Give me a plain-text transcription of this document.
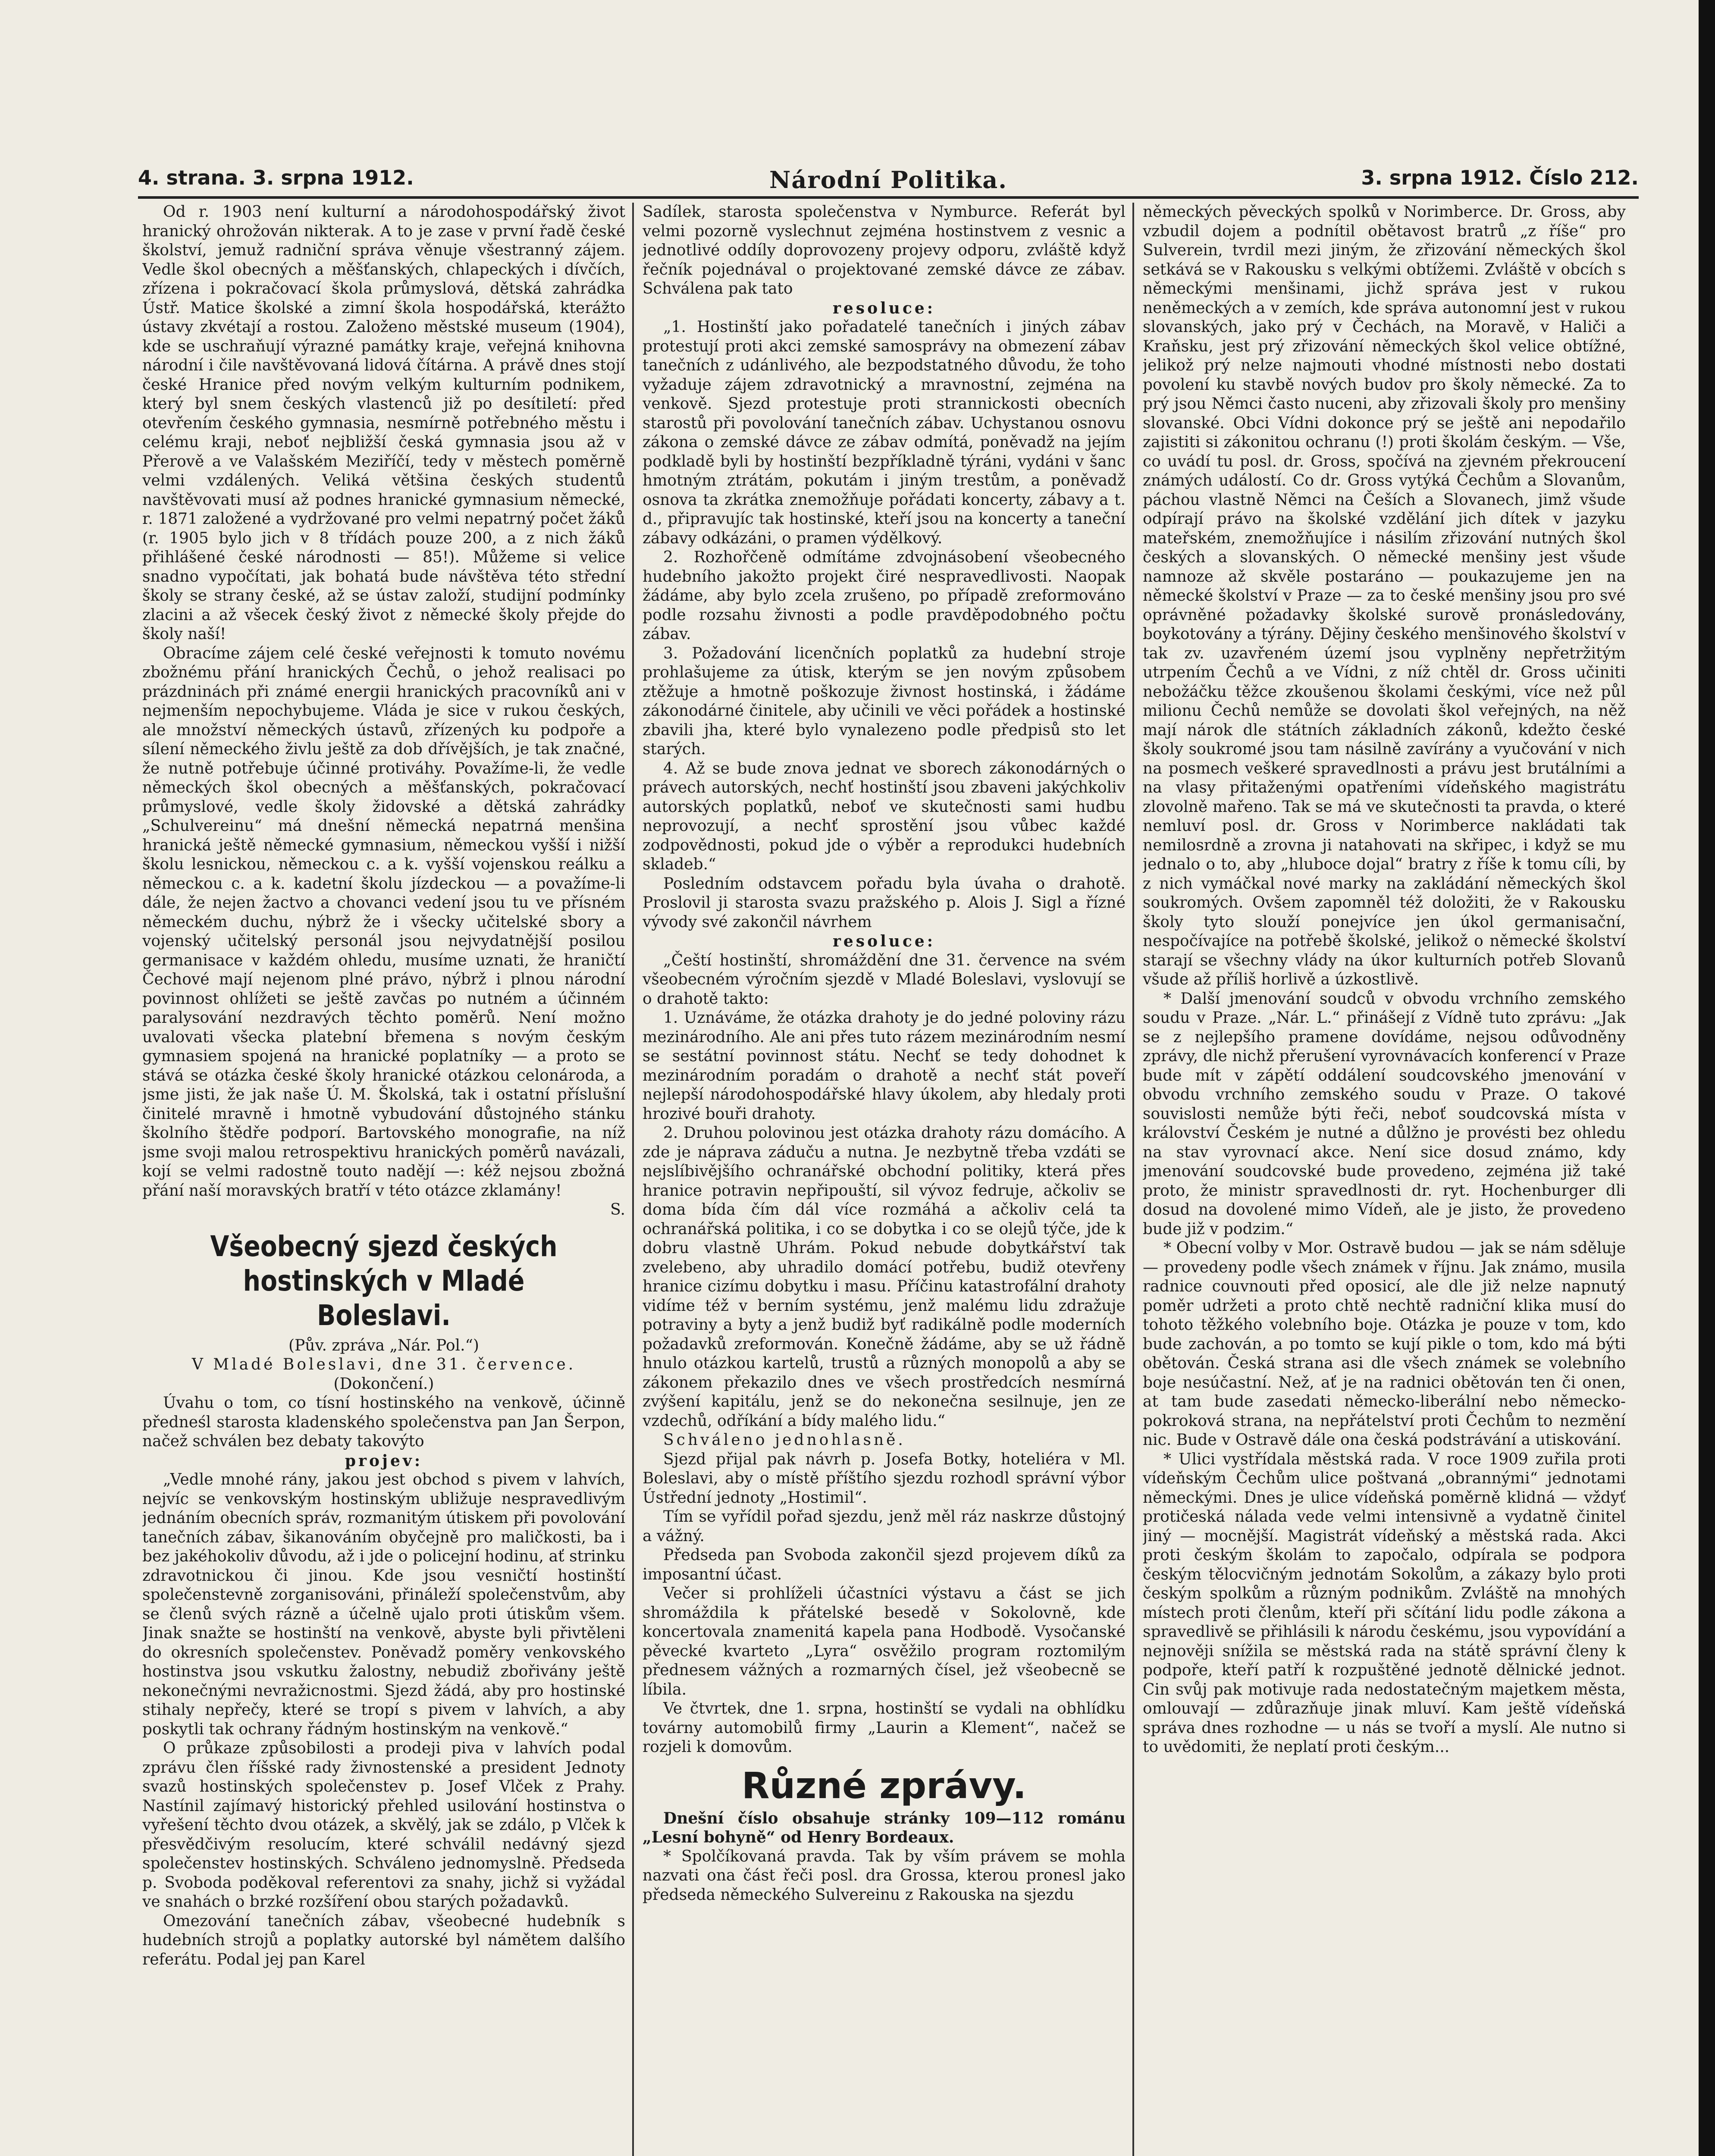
4. strana. 3. srpna 1912.	Národní Politika.	3. srpna 1912. Číslo 212.

Od r. 1903 není kulturní a národohospodářský život hranický ohrožován nikterak. A to je zase v první řadě české školství, jemuž radniční správa věnuje všestranný zájem. Vedle škol obecných a měšťanských, chlapeckých i dívčích, zřízena i pokračovací škola průmyslová, dětská zahrádka Ústř. Matice školské a zimní škola hospodářská, kterážto ústavy zkvétají a rostou. Založeno městské museum (1904), kde se uschraňují výrazné památky kraje, veřejná knihovna národní i čile navštěvovaná lidová čítárna. A právě dnes stojí české Hranice před novým velkým kulturním podnikem, který byl snem českých vlastenců již po desítiletí: před otevřením českého gymnasia, nesmírně potřebného městu i celému kraji, neboť nejbližší česká gymnasia jsou až v Přerově a ve Valašském Meziříčí, tedy v městech poměrně velmi vzdálených. Veliká většina českých studentů navštěvovati musí až podnes hranické gymnasium německé, r. 1871 založené a vydržované pro velmi nepatrný počet žáků (r. 1905 bylo jich v 8 třídách pouze 200, a z nich žáků přihlášené české národnosti — 85!). Můžeme si velice snadno vypočítati, jak bohatá bude návštěva této střední školy se strany české, až se ústav založí, studijní podmínky zlacini a až všecek český život z německé školy přejde do školy naší!

Obracíme zájem celé české veřejnosti k tomuto novému zbožnému přání hranických Čechů, o jehož realisaci po prázdninách při známé energii hranických pracovníků ani v nejmenším nepochybujeme. Vláda je sice v rukou českých, ale množství německých ústavů, zřízených ku podpoře a sílení německého živlu ještě za dob dřívějších, je tak značné, že nutně potřebuje účinné protiváhy. Považíme-li, že vedle německých škol obecných a měšťanských, pokračovací průmyslové, vedle školy židovské a dětská zahrádky „Schulvereinu“ má dnešní německá nepatrná menšina hranická ještě německé gymnasium, německou vyšší i nižší školu lesnickou, německou c. a k. vyšší vojenskou reálku a německou c. a k. kadetní školu jízdeckou — a považíme-li dále, že nejen žactvo a chovanci vedení jsou tu ve přísném německém duchu, nýbrž že i všecky učitelské sbory a vojenský učitelský personál jsou nejvydatnější posilou germanisace v každém ohledu, musíme uznati, že hraničtí Čechové mají nejenom plné právo, nýbrž i plnou národní povinnost ohlížeti se ještě zavčas po nutném a účinném paralysování nezdravých těchto poměrů. Není možno uvalovati všecka platební břemena s novým českým gymnasiem spojená na hranické poplatníky — a proto se stává se otázka české školy hranické otázkou celonároda, a jsme jisti, že jak naše Ú. M. Školská, tak i ostatní příslušní činitelé mravně i hmotně vybudování důstojného stánku školního štědře podporí. Bartovského monografie, na níž jsme svoji malou retrospektivu hranických poměrů navázali, kojí se velmi radostně touto nadějí —: kéž nejsou zbožná přání naší moravských bratří v této otázce zklamány!

S.

Všeobecný sjezd českých hostinských v Mladé Boleslavi.

(Pův. zpráva „Nár. Pol.“)

V Mladé Boleslavi, dne 31. července.

(Dokončení.)

Úvahu o tom, co tísní hostinského na venkově, účinně předneśl starosta kladenského společenstva pan Jan Šerpon, načež schválen bez debaty takovýto

projev:

„Vedle mnohé rány, jakou jest obchod s pivem v lahvích, nejvíc se venkovským hostinským ubližuje nespravedlivým jednáním obecních správ, rozmanitým útiskem při povolování tanečních zábav, šikanováním obyčejně pro maličkosti, ba i bez jakéhokoliv důvodu, až i jde o policejní hodinu, ať strinku zdravotnickou či jinou. Kde jsou vesničtí hostinští společenstevně zorganisováni, přináleží společenstvům, aby se členů svých rázně a účelně ujalo proti útiskům všem. Jinak snažte se hostinští na venkově, abyste byli přivtěleni do okresních společenstev. Poněvadž poměry venkovského hostinstva jsou vskutku žalostny, nebudiž zbořivány ještě nekonečnými nevražicnostmi. Sjezd žádá, aby pro hostinské stihaly nepřečy, které se tropí s pivem v lahvích, a aby poskytli tak ochrany řádným hostinským na venkově.“

O průkaze způsobilosti a prodeji piva v lahvích podal zprávu člen říšské rady živnostenské a president Jednoty svazů hostinských společenstev p. Josef Vlček z Prahy. Nastínil zajímavý historický přehled usilování hostinstva o vyřešení těchto dvou otázek, a skvělý, jak se zdálo, p Vlček k přesvědčivým resolucím, které schválil nedávný sjezd společenstev hostinských. Schváleno jednomyslně. Předseda p. Svoboda poděkoval referentovi za snahy, jichž si vyžádal ve snahách o brzké rozšíření obou starých požadavků.

Omezování tanečních zábav, všeobecné hudebník s hudebních strojů a poplatky autorské byl námětem dalšího referátu. Podal jej pan Karel

Sadílek, starosta společenstva v Nymburce. Referát byl velmi pozorně vyslechnut zejména hostinstvem z vesnic a jednotlivé oddíly doprovozeny projevy odporu, zvláště když řečník pojednával o projektované zemské dávce ze zábav. Schválena pak tato

resoluce:

„1. Hostinští jako pořadatelé tanečních i jiných zábav protestují proti akci zemské samosprávy na obmezení zábav tanečních z udánlivého, ale bezpodstatného důvodu, že toho vyžaduje zájem zdravotnický a mravnostní, zejména na venkově. Sjezd protestuje proti strannickosti obecních starostů při povolování tanečních zábav. Uchystanou osnovu zákona o zemské dávce ze zábav odmítá, poněvadž na jejím podkladě byli by hostinští bezpříkladně týráni, vydáni v šanc hmotným ztrátám, pokutám i jiným trestům, a poněvadž osnova ta zkrátka znemožňuje pořádati koncerty, zábavy a t. d., připravujíc tak hostinské, kteří jsou na koncerty a taneční zábavy odkázáni, o pramen výdělkový.

2. Rozhořčeně odmítáme zdvojnásobení všeobecného hudebního jakožto projekt čiré nespravedlivosti. Naopak žádáme, aby bylo zcela zrušeno, po případě zreformováno podle rozsahu živnosti a podle pravděpodobného počtu zábav.

3. Požadování licenčních poplatků za hudební stroje prohlašujeme za útisk, kterým se jen novým způsobem ztěžuje a hmotně poškozuje živnost hostinská, i žádáme zákonodárné činitele, aby učinili ve věci pořádek a hostinské zbavili jha, které bylo vynalezeno podle předpisů sto let starých.

4. Až se bude znova jednat ve sborech zákonodárných o právech autorských, nechť hostinští jsou zbaveni jakýchkoliv autorských poplatků, neboť ve skutečnosti sami hudbu neprovozují, a nechť sprostění jsou vůbec každé zodpovědnosti, pokud jde o výběr a reprodukci hudebních skladeb.“

Posledním odstavcem pořadu byla úvaha o drahotě. Proslovil ji starosta svazu pražského p. Alois J. Sigl a řízné vývody své zakončil návrhem

resoluce:

„Čeští hostinští, shromáždění dne 31. července na svém všeobecném výročním sjezdě v Mladé Boleslavi, vyslovují se o drahotě takto:

1. Uznáváme, že otázka drahoty je do jedné poloviny rázu mezinárodního. Ale ani přes tuto rázem mezinárodním nesmí se sestátní povinnost státu. Nechť se tedy dohodnet k mezinárodním poradám o drahotě a nechť stát poveří nejlepší národohospodářské hlavy úkolem, aby hledaly proti hrozivé bouři drahoty.

2. Druhou polovinou jest otázka drahoty rázu domácího. A zde je náprava záduču a nutna. Je nezbytně třeba vzdáti se nejslíbivějšího ochranářské obchodní politiky, která přes hranice potravin nepřipouští, sil vývoz fedruje, ačkoliv se doma bída čím dál více rozmáhá a ačkoliv celá ta ochranářská politika, i co se dobytka i co se olejů týče, jde k dobru vlastně Uhrám. Pokud nebude dobytkářství tak zvelebeno, aby uhradilo domácí potřebu, budiž otevřeny hranice cizímu dobytku i masu. Příčinu katastrofální drahoty vidíme též v berním systému, jenž malému lidu zdražuje potraviny a byty a jenž budiž byť radikálně podle moderních požadavků zreformován. Konečně žádáme, aby se už řádně hnulo otázkou kartelů, trustů a různých monopolů a aby se zákonem překazilo dnes ve všech prostředcích nesmírná zvýšení kapitálu, jenž se do nekonečna sesilnuje, jen ze vzdechů, odříkání a bídy malého lidu.“

Schváleno jednohlasně.

Sjezd přijal pak návrh p. Josefa Botky, hoteliéra v Ml. Boleslavi, aby o místě příštího sjezdu rozhodl správní výbor Ústřední jednoty „Hostimil“.

Tím se vyřídil pořad sjezdu, jenž měl ráz naskrze důstojný a vážný.

Předseda pan Svoboda zakončil sjezd projevem díků za imposantní účast.

Večer si prohlíželi účastníci výstavu a část se jich shromáždila k přátelské besedě v Sokolovně, kde koncertovala znamenitá kapela pana Hodbodě. Vysočanské pěvecké kvarteto „Lyra“ osvěžilo program roztomilým přednesem vážných a rozmarných čísel, jež všeobecně se líbila.

Ve čtvrtek, dne 1. srpna, hostinští se vydali na obhlídku továrny automobilů firmy „Laurin a Klement“, načež se rozjeli k domovům.

Různé zprávy.

Dnešní číslo obsahuje stránky 109—112 románu „Lesní bohyně“ od Henry Bordeaux.

* Spolčíkovaná pravda. Tak by vším právem se mohla nazvati ona část řeči posl. dra Grossa, kterou pronesl jako předseda německého Sulvereinu z Rakouska na sjezdu

německých pěveckých spolků v Norimberce. Dr. Gross, aby vzbudil dojem a podnítil obětavost bratrů „z říše“ pro Sulverein, tvrdil mezi jiným, že zřizování německých škol setkává se v Rakousku s velkými obtížemi. Zvláště v obcích s německými menšinami, jichž správa jest v rukou neněmeckých a v zemích, kde správa autonomní jest v rukou slovanských, jako prý v Čechách, na Moravě, v Haliči a Kraňsku, jest prý zřizování německých škol velice obtížné, jelikož prý nelze najmouti vhodné místnosti nebo dostati povolení ku stavbě nových budov pro školy německé. Za to prý jsou Němci často nuceni, aby zřizovali školy pro menšiny slovanské. Obci Vídni dokonce prý se ještě ani nepodařilo zajistiti si zákonitou ochranu (!) proti školám českým. — Vše, co uvádí tu posl. dr. Gross, spočívá na zjevném překroucení známých událostí. Co dr. Gross vytýká Čechům a Slovanům, páchou vlastně Němci na Češích a Slovanech, jimž všude odpírají právo na školské vzdělání jich dítek v jazyku mateřském, znemožňujíce i násilím zřizování nutných škol českých a slovanských. O německé menšiny jest všude namnoze až skvěle postaráno — poukazujeme jen na německé školství v Praze — za to české menšiny jsou pro své oprávněné požadavky školské surově pronásledovány, boykotovány a týrány. Dějiny českého menšinového školství v tak zv. uzavřeném území jsou vyplněny nepřetržitým utrpením Čechů a ve Vídni, z níž chtěl dr. Gross učiniti nebožáčku těžce zkoušenou školami českými, více než půl milionu Čechů nemůže se dovolati škol veřejných, na něž mají nárok dle státních základních zákonů, kdežto české školy soukromé jsou tam násilně zavírány a vyučování v nich na posmech veškeré spravedlnosti a právu jest brutálními a na vlasy přitaženými opatřeními vídeňského magistrátu zlovolně mařeno. Tak se má ve skutečnosti ta pravda, o které nemluví posl. dr. Gross v Norimberce nakládati tak nemilosrdně a zrovna ji natahovati na skřipec, i když se mu jednalo o to, aby „hluboce dojal“ bratry z říše k tomu cíli, by z nich vymáčkal nové marky na zakládání německých škol soukromých. Ovšem zapomněl též doložiti, že v Rakousku školy tyto slouží ponejvíce jen úkol germanisační, nespočívajíce na potřebě školské, jelikož o německé školství starají se všechny vlády na úkor kulturních potřeb Slovanů všude až příliš horlivě a úzkostlivě.

* Další jmenování soudců v obvodu vrchního zemského soudu v Praze. „Nár. L.“ přinášejí z Vídně tuto zprávu: „Jak se z nejlepšího pramene dovídáme, nejsou odůvodněny zprávy, dle nichž přerušení vyrovnávacích konferencí v Praze bude mít v zápětí oddálení soudcovského jmenování v obvodu vrchního zemského soudu v Praze. O takové souvislosti nemůže býti řeči, neboť soudcovská místa v království Českém je nutné a důlžno je provésti bez ohledu na stav vyrovnací akce. Není sice dosud známo, kdy jmenování soudcovské bude provedeno, zejména již také proto, že ministr spravedlnosti dr. ryt. Hochenburger dli dosud na dovolené mimo Vídeň, ale je jisto, že provedeno bude již v podzim.“

* Obecní volby v Mor. Ostravě budou — jak se nám sděluje — provedeny podle všech známek v říjnu. Jak známo, musila radnice couvnouti před oposicí, ale dle již nelze napnutý poměr udržeti a proto chtě nechtě radniční klika musí do tohoto těžkého volebního boje. Otázka je pouze v tom, kdo bude zachován, a po tomto se kují pikle o tom, kdo má býti obětován. Česká strana asi dle všech známek se volebního boje nesúčastní. Než, ať je na radnici obětován ten či onen, at tam bude zasedati německo-liberální nebo německo-pokroková strana, na nepřátelství proti Čechům to nezmění nic. Bude v Ostravě dále ona česká podstrávání a utiskování.

* Ulici vystřídala městská rada. V roce 1909 zuřila proti vídeňským Čechům ulice poštvaná „obrannými“ jednotami německými. Dnes je ulice vídeňská poměrně klidná — vždyť protičeská nálada vede velmi intensivně a vydatně činitel jiný — mocnější. Magistrát vídeňský a městská rada. Akci proti českým školám to započalo, odpírala se podpora českým tělocvičným jednotám Sokolům, a zákazy bylo proti českým spolkům a různým podnikům. Zvláště na mnohých místech proti členům, kteří při sčítání lidu podle zákona a spravedlivě se přihlásili k národu českému, jsou vypovídání a nejnověji snížila se městská rada na státě správní členy k podpoře, kteří patří k rozpuštěné jednotě dělnické jednot. Cin svůj pak motivuje rada nedostatečným majetkem města, omlouvají — zdůrazňuje jinak mluví. Kam ještě vídeňská správa dnes rozhodne — u nás se tvoří a myslí. Ale nutno si to uvědomiti, že neplatí proti českým...
